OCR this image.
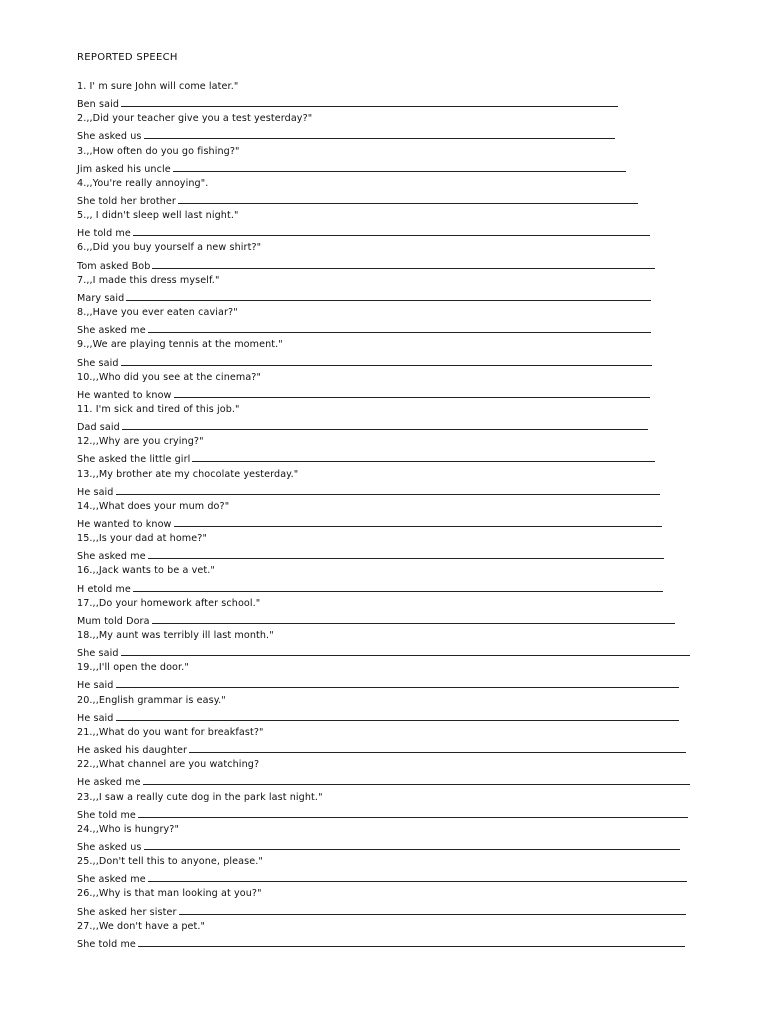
REPORTED SPEECH
1. I' m sure John will come later."
Ben said
2.,,Did your teacher give you a test yesterday?"
She asked us
3.,,How often do you go fishing?"
Jim asked his uncle
4.,,You're really annoying".
She told her brother
5.,, I didn't sleep well last night."
He told me
6.,,Did you buy yourself a new shirt?"
Tom asked Bob
7.,,I made this dress myself."
Mary said
8.,,Have you ever eaten caviar?"
She asked me
9.,,We are playing tennis at the moment."
She said
10.,,Who did you see at the cinema?"
He wanted to know
11. I'm sick and tired of this job."
Dad said
12.,,Why are you crying?"
She asked the little girl
13.,,My brother ate my chocolate yesterday."
He said
14.,,What does your mum do?"
He wanted to know
15.,,Is your dad at home?"
She asked me
16.,,Jack wants to be a vet."
H etold me
17.,,Do your homework after school."
Mum told Dora
18.,,My aunt was terribly ill last month."
She said
19.,,I'll open the door."
He said
20.,,English grammar is easy."
He said
21.,,What do you want for breakfast?"
He asked his daughter
22.,,What channel are you watching?
He asked me
23.,,I saw a really cute dog in the park last night."
She told me
24.,,Who is hungry?"
She asked us
25.,,Don't tell this to anyone, please."
She asked me
26.,,Why is that man looking at you?"
She asked her sister
27.,,We don't have a pet."
She told me
